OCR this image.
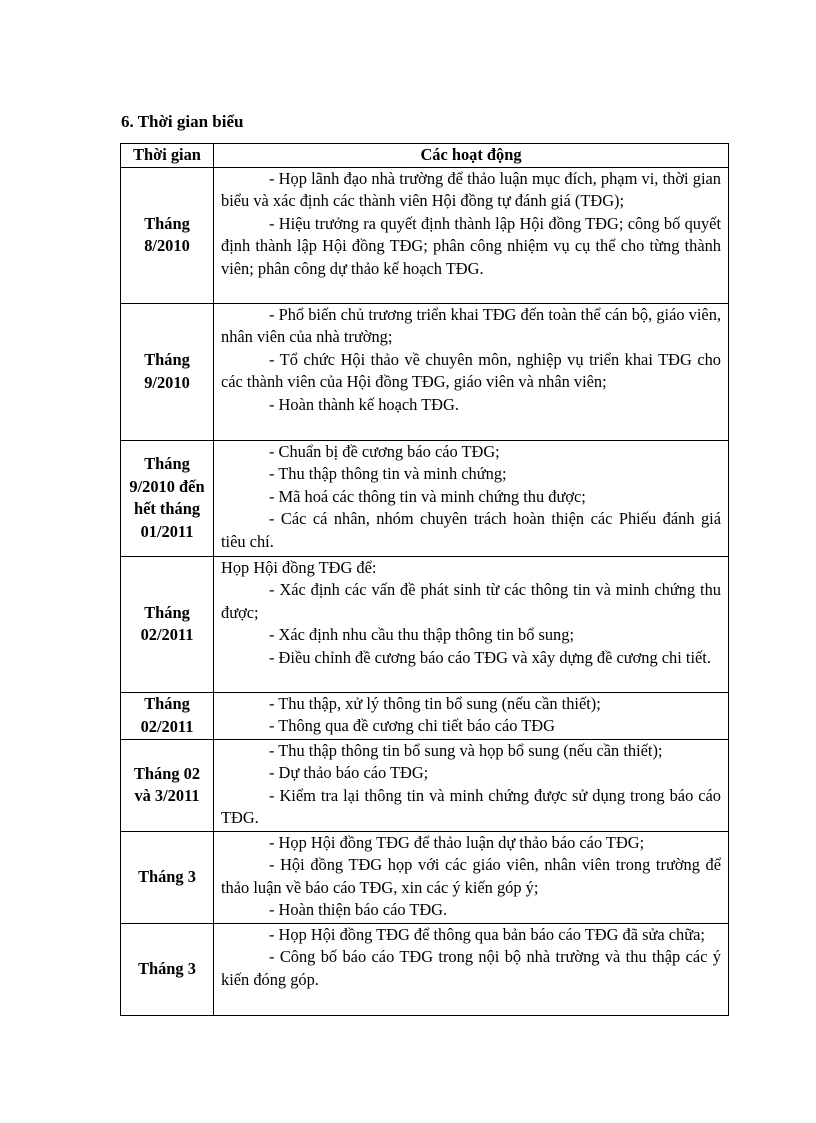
6. Thời gian biểu
Thời gian	Các hoạt động
Tháng 8/2010	- Họp lãnh đạo nhà trường để thảo luận mục đích, phạm vi, thời gian biểu và xác định các thành viên Hội đồng tự đánh giá (TĐG);

- Hiệu trưởng ra quyết định thành lập Hội đồng TĐG; công bố quyết định thành lập Hội đồng TĐG; phân công nhiệm vụ cụ thể cho từng thành viên; phân công dự thảo kế hoạch TĐG.

Tháng 9/2010	- Phổ biến chủ trương triển khai TĐG đến toàn thể cán bộ, giáo viên, nhân viên của nhà trường;

- Tổ chức Hội thảo về chuyên môn, nghiệp vụ triển khai TĐG cho các thành viên của Hội đồng TĐG, giáo viên và nhân viên;

- Hoàn thành kế hoạch TĐG.

Tháng 9/2010 đến hết tháng 01/2011	- Chuẩn bị đề cương báo cáo TĐG;

- Thu thập thông tin và minh chứng;

- Mã hoá các thông tin và minh chứng thu được;

- Các cá nhân, nhóm chuyên trách hoàn thiện các Phiếu đánh giá tiêu chí.

Tháng 02/2011	Họp Hội đồng TĐG để:

- Xác định các vấn đề phát sinh từ các thông tin và minh chứng thu được;

- Xác định nhu cầu thu thập thông tin bổ sung;

- Điều chỉnh đề cương báo cáo TĐG và xây dựng đề cương chi tiết.

Tháng 02/2011	- Thu thập, xử lý thông tin bổ sung (nếu cần thiết);

- Thông qua đề cương chi tiết báo cáo TĐG

Tháng 02 và 3/2011	- Thu thập thông tin bổ sung và họp bổ sung (nếu cần thiết);

- Dự thảo báo cáo TĐG;

- Kiểm tra lại thông tin và minh chứng được sử dụng trong báo cáo TĐG.

Tháng 3	- Họp Hội đồng TĐG để thảo luận dự thảo báo cáo TĐG;

- Hội đồng TĐG họp với các giáo viên, nhân viên trong trường để thảo luận về báo cáo TĐG, xin các ý kiến góp ý;

- Hoàn thiện báo cáo TĐG.

Tháng 3	- Họp Hội đồng TĐG để thông qua bản báo cáo TĐG đã sửa chữa;

- Công bố báo cáo TĐG trong nội bộ nhà trường và thu thập các ý kiến đóng góp.
